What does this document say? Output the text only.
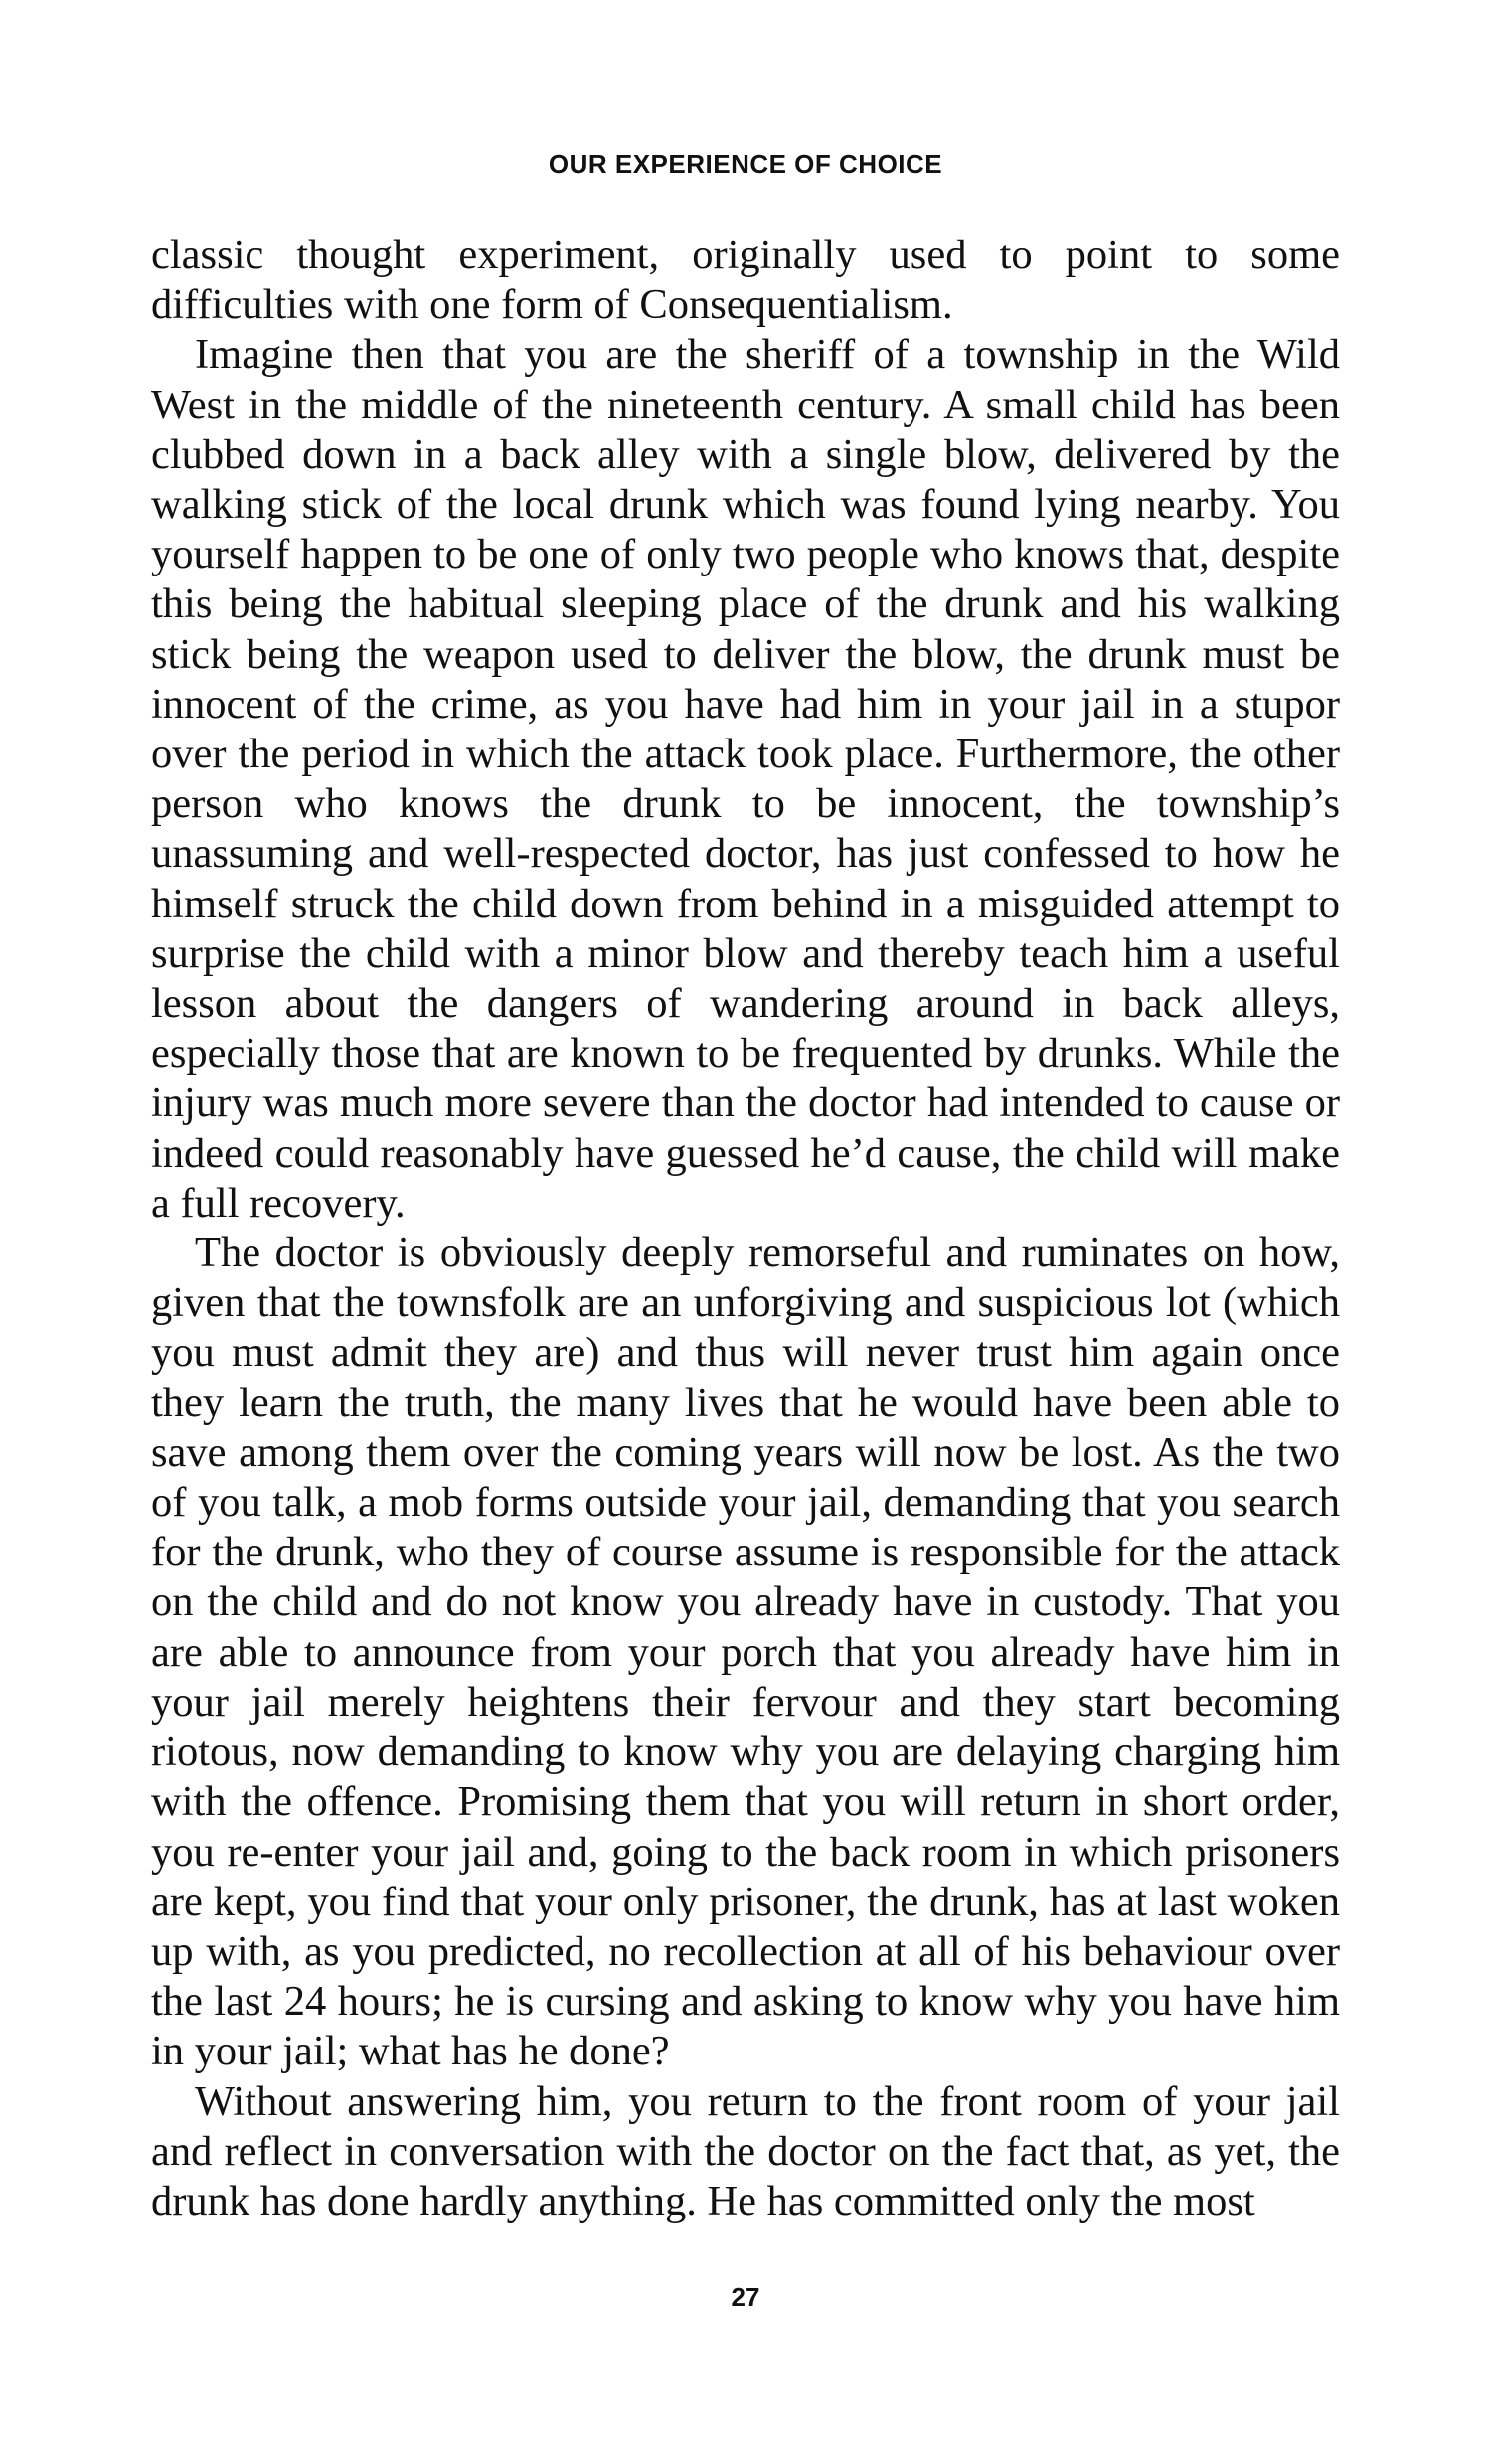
OUR EXPERIENCE OF CHOICE

classic thought experiment, originally used to point to some difficulties with one form of Consequentialism.

Imagine then that you are the sheriff of a township in the Wild West in the middle of the nineteenth century. A small child has been clubbed down in a back alley with a single blow, delivered by the walking stick of the local drunk which was found lying nearby. You yourself happen to be one of only two people who knows that, despite this being the habitual sleeping place of the drunk and his walking stick being the weapon used to deliver the blow, the drunk must be innocent of the crime, as you have had him in your jail in a stupor over the period in which the attack took place. Furthermore, the other person who knows the drunk to be innocent, the township’s unassuming and well-respected doctor, has just confessed to how he himself struck the child down from behind in a misguided attempt to surprise the child with a minor blow and thereby teach him a useful lesson about the dangers of wandering around in back alleys, especially those that are known to be frequented by drunks. While the injury was much more severe than the doctor had intended to cause or indeed could reasonably have guessed he’d cause, the child will make a full recovery.

The doctor is obviously deeply remorseful and ruminates on how, given that the townsfolk are an unforgiving and suspicious lot (which you must admit they are) and thus will never trust him again once they learn the truth, the many lives that he would have been able to save among them over the coming years will now be lost. As the two of you talk, a mob forms outside your jail, demanding that you search for the drunk, who they of course assume is responsible for the attack on the child and do not know you already have in custody. That you are able to announce from your porch that you already have him in your jail merely heightens their fervour and they start becoming riotous, now demanding to know why you are delaying charging him with the offence. Promising them that you will return in short order, you re-enter your jail and, going to the back room in which prisoners are kept, you find that your only prisoner, the drunk, has at last woken up with, as you predicted, no recollection at all of his behaviour over the last 24 hours; he is cursing and asking to know why you have him in your jail; what has he done?

Without answering him, you return to the front room of your jail and reflect in conversation with the doctor on the fact that, as yet, the drunk has done hardly anything. He has committed only the most

27
